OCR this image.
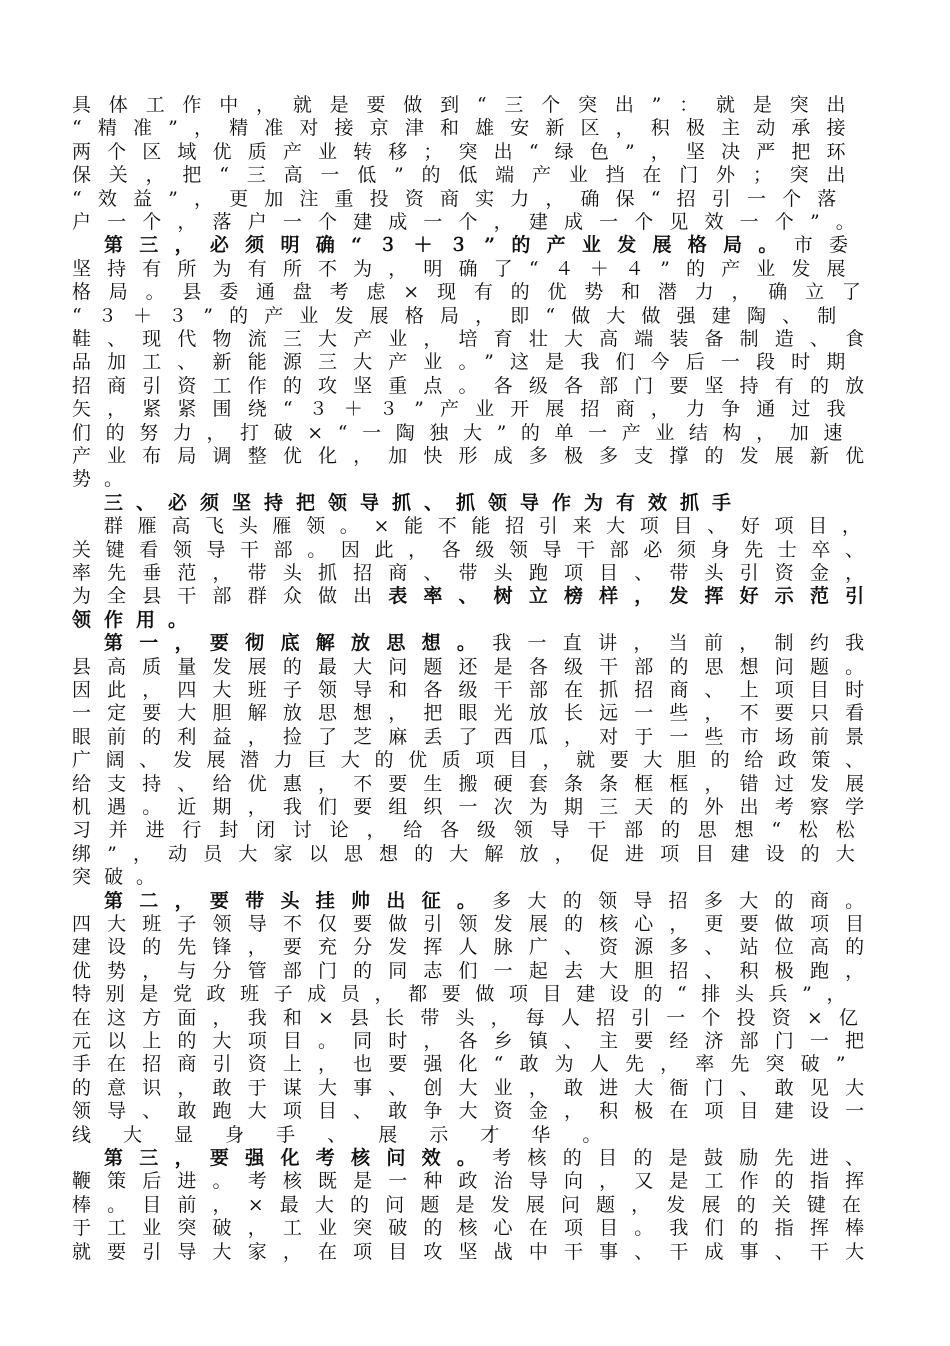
具体工作中，就是要做到“三个突出”：就是突出
“精准”，精准对接京津和雄安新区，积极主动承接
两个区域优质产业转移；突出“绿色”，坚决严把环
保关，把“三高一低”的低端产业挡在门外；突出
“效益”，更加注重投资商实力，确保“招引一个落
户一个，落户一个建成一个，建成一个见效一个”。
第三，必须明确“３＋３”的产业发展格局。市委
坚持有所为有所不为，明确了“４＋４”的产业发展
格局。县委通盘考虑×现有的优势和潜力，确立了
“３＋３”的产业发展格局，即“做大做强建陶、制
鞋、现代物流三大产业，培育壮大高端装备制造、食
品加工、新能源三大产业。”这是我们今后一段时期
招商引资工作的攻坚重点。各级各部门要坚持有的放
矢，紧紧围绕“３＋３”产业开展招商，力争通过我
们的努力，打破×“一陶独大”的单一产业结构，加速
产业布局调整优化，加快形成多极多支撑的发展新优
势。
三、必须坚持把领导抓、抓领导作为有效抓手
群雁高飞头雁领。×能不能招引来大项目、好项目，
关键看领导干部。因此，各级领导干部必须身先士卒、
率先垂范，带头抓招商、带头跑项目、带头引资金，
为全县干部群众做出表率、树立榜样，发挥好示范引
领作用。
第一，要彻底解放思想。我一直讲，当前，制约我
县高质量发展的最大问题还是各级干部的思想问题。
因此，四大班子领导和各级干部在抓招商、上项目时
一定要大胆解放思想，把眼光放长远一些，不要只看
眼前的利益，捡了芝麻丢了西瓜，对于一些市场前景
广阔、发展潜力巨大的优质项目，就要大胆的给政策、
给支持、给优惠，不要生搬硬套条条框框，错过发展
机遇。近期，我们要组织一次为期三天的外出考察学
习并进行封闭讨论，给各级领导干部的思想“松松
绑”，动员大家以思想的大解放，促进项目建设的大
突破。
第二，要带头挂帅出征。多大的领导招多大的商。
四大班子领导不仅要做引领发展的核心，更要做项目
建设的先锋，要充分发挥人脉广、资源多、站位高的
优势，与分管部门的同志们一起去大胆招、积极跑，
特别是党政班子成员，都要做项目建设的“排头兵”，
在这方面，我和×县长带头，每人招引一个投资×亿
元以上的大项目。同时，各乡镇、主要经济部门一把
手在招商引资上，也要强化“敢为人先，率先突破”
的意识，敢于谋大事、创大业，敢进大衙门、敢见大
领导、敢跑大项目、敢争大资金，积极在项目建设一
线 大 显 身 手 、 展 示 才 华 。
第三，要强化考核问效。考核的目的是鼓励先进、
鞭策后进。考核既是一种政治导向，又是工作的指挥
棒。目前，×最大的问题是发展问题，发展的关键在
于工业突破，工业突破的核心在项目。我们的指挥棒
就要引导大家，在项目攻坚战中干事、干成事、干大
